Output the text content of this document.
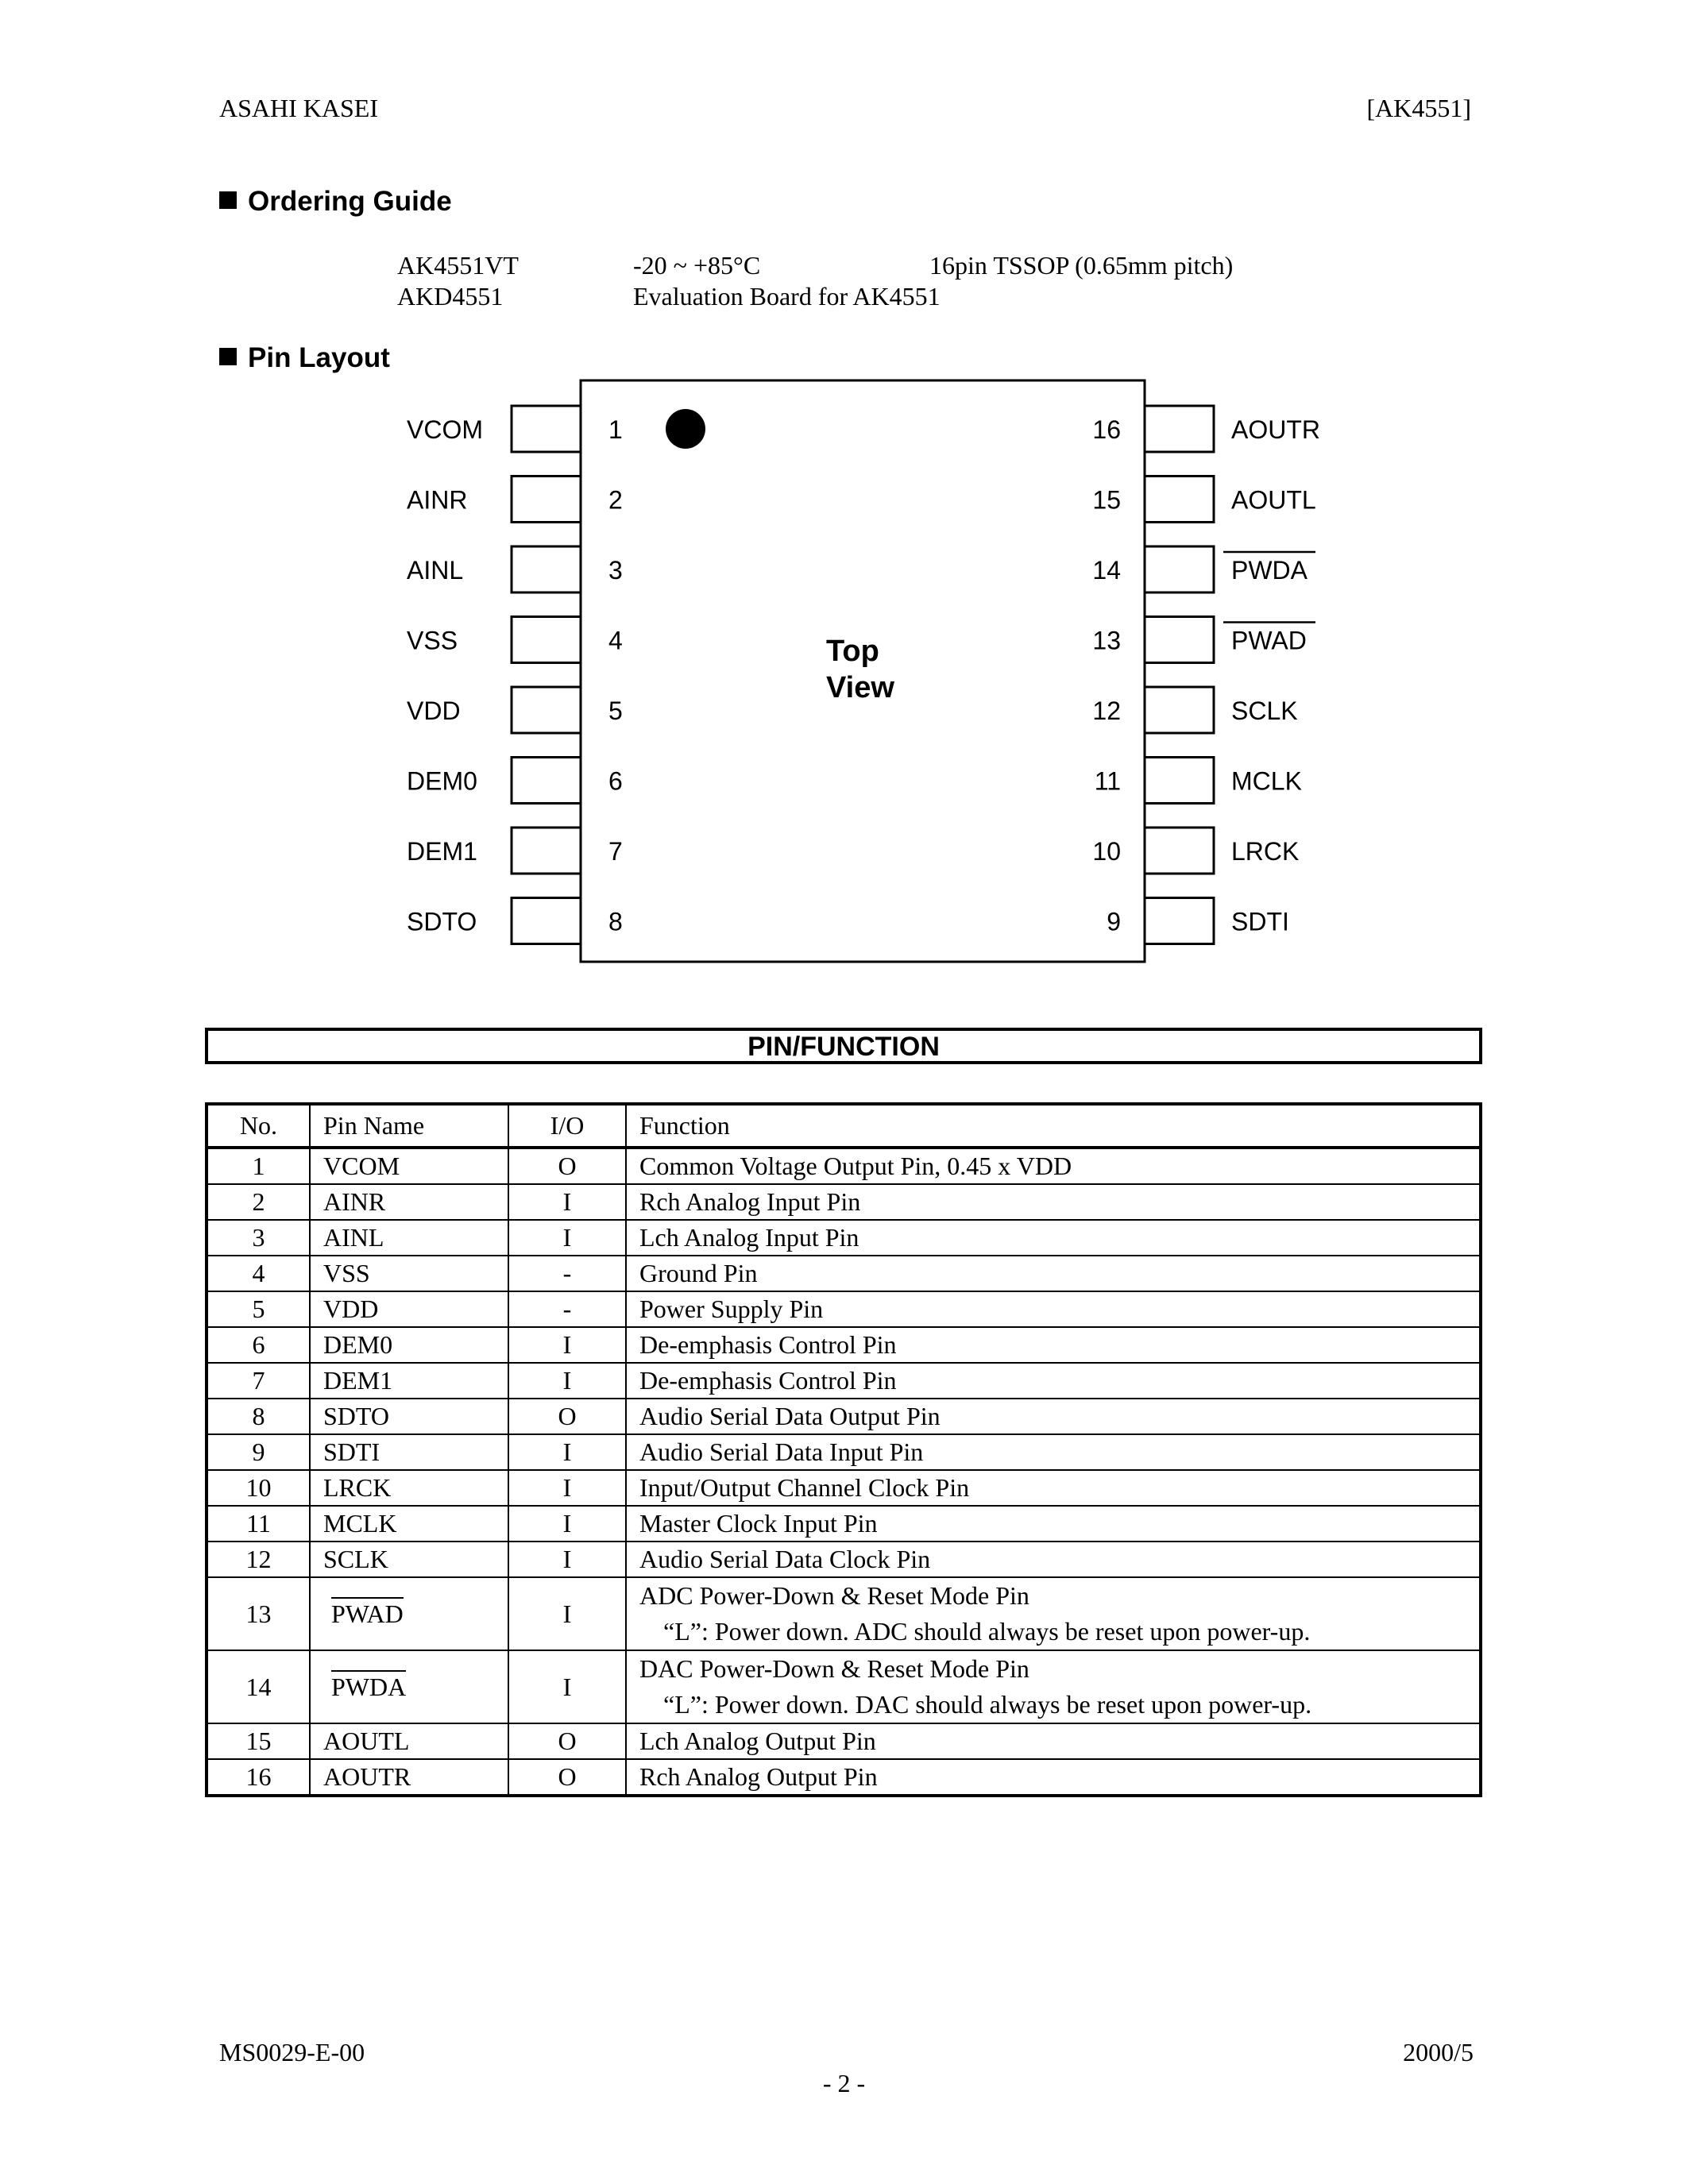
ASAHI KASEI	[AK4551]
Ordering Guide
AK4551VT	-20 ~ +85°C	16pin TSSOP (0.65mm pitch)
AKD4551	Evaluation Board for AK4551
Pin Layout
Top
View
VCOM	1
AINR	2
AINL	3
VSS	4
VDD	5
DEM0	6
DEM1	7
SDTO	8
16	AOUTR
15	AOUTL
14	PWDA
13	PWAD
12	SCLK
11	MCLK
10	LRCK
9	SDTI
PIN/FUNCTION
No.	Pin Name	I/O	Function
1	VCOM	O	Common Voltage Output Pin, 0.45 x VDD

2	AINR	I	Rch Analog Input Pin

3	AINL	I	Lch Analog Input Pin

4	VSS	-	Ground Pin

5	VDD	-	Power Supply Pin

6	DEM0	I	De-emphasis Control Pin

7	DEM1	I	De-emphasis Control Pin

8	SDTO	O	Audio Serial Data Output Pin

9	SDTI	I	Audio Serial Data Input Pin

10	LRCK	I	Input/Output Channel Clock Pin

11	MCLK	I	Master Clock Input Pin

12	SCLK	I	Audio Serial Data Clock Pin

13	PWAD	I	ADC Power-Down & Reset Mode Pin
“L”: Power down. ADC should always be reset upon power-up.

14	PWDA	I	DAC Power-Down & Reset Mode Pin
“L”: Power down. DAC should always be reset upon power-up.

15	AOUTL	O	Lch Analog Output Pin

16	AOUTR	O	Rch Analog Output Pin
MS0029-E-00	2000/5
- 2 -
